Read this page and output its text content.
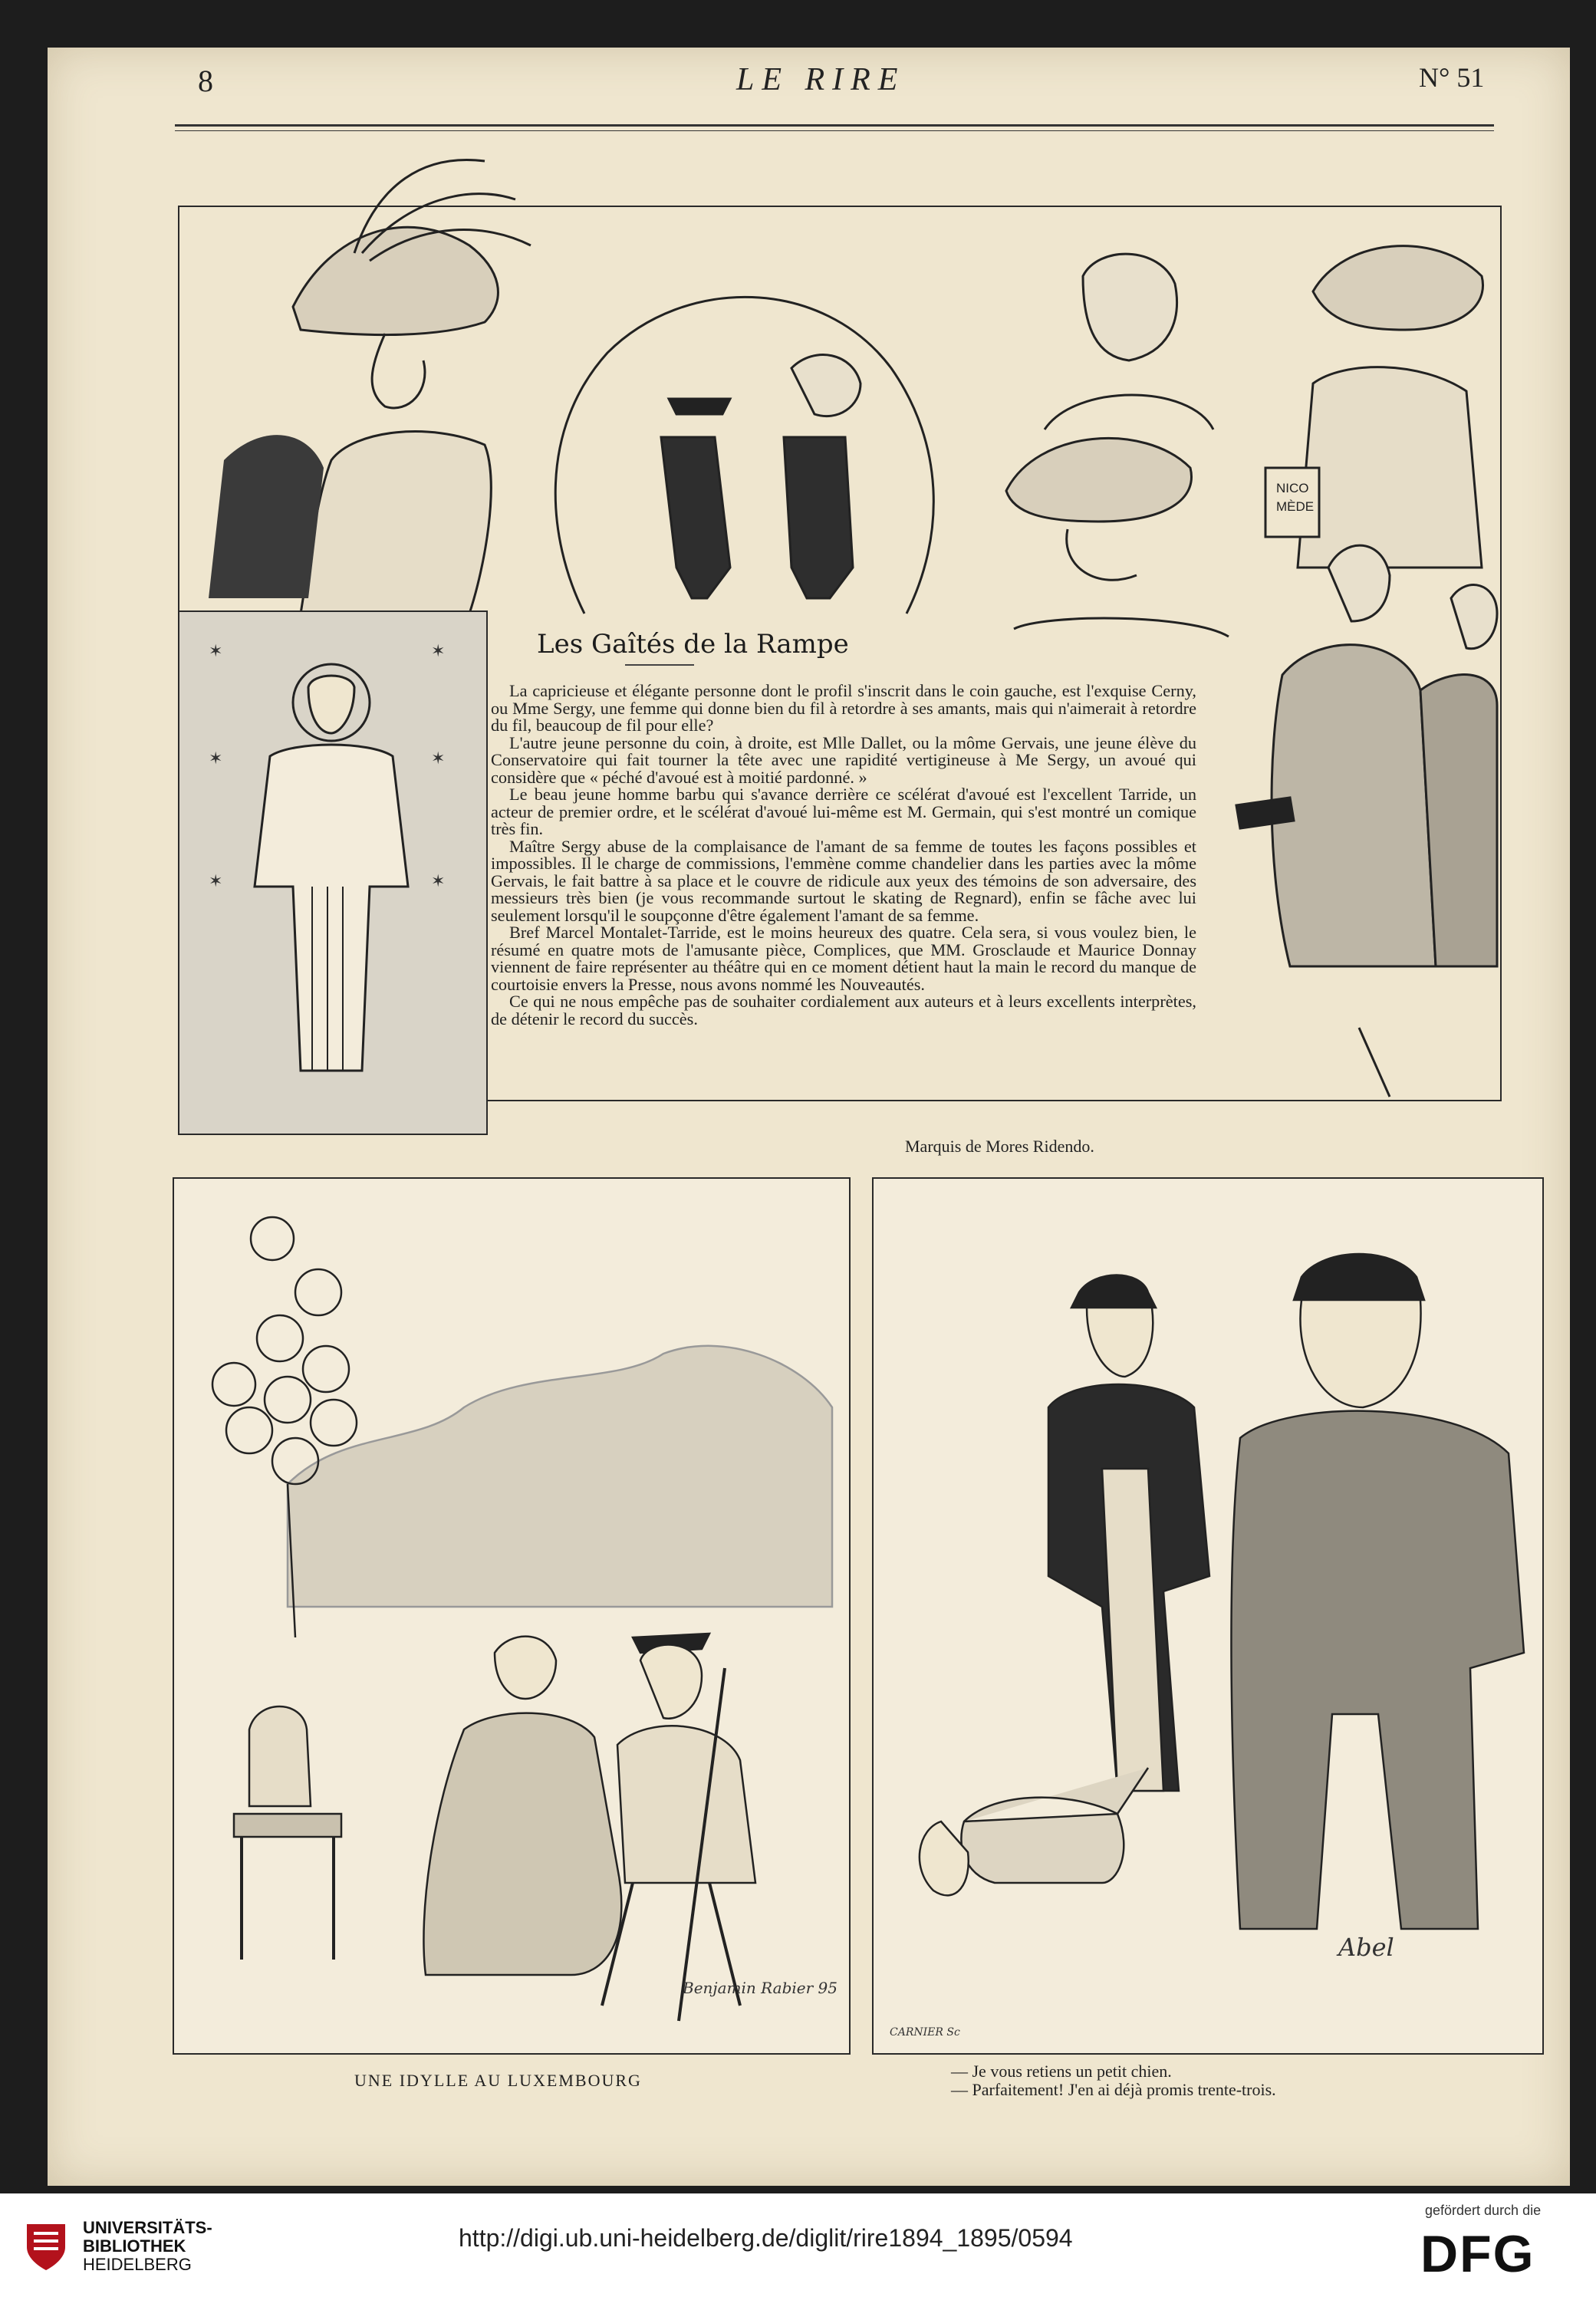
8	LE RIRE	N° 51
NICO
MÈDE
✶	✶
✶	✶
✶	✶
Les Gaîtés de la Rampe

La capricieuse et élégante personne dont le profil s'inscrit dans le coin gauche, est l'exquise Cerny, ou Mme Sergy, une femme qui donne bien du fil à retordre à ses amants, mais qui n'aimerait à retordre du fil, beaucoup de fil pour elle?

L'autre jeune personne du coin, à droite, est Mlle Dallet, ou la môme Gervais, une jeune élève du Conservatoire qui fait tourner la tête avec une rapidité vertigineuse à Me Sergy, un avoué qui considère que « péché d'avoué est à moitié pardonné. »

Le beau jeune homme barbu qui s'avance derrière ce scélérat d'avoué est l'excellent Tarride, un acteur de premier ordre, et le scélérat d'avoué lui-même est M. Germain, qui s'est montré un comique très fin.

Maître Sergy abuse de la complaisance de l'amant de sa femme de toutes les façons possibles et impossibles. Il le charge de commissions, l'emmène comme chandelier dans les parties avec la môme Gervais, le fait battre à sa place et le couvre de ridicule aux yeux des témoins de son adversaire, des messieurs très bien (je vous recommande surtout le skating de Regnard), enfin se fâche avec lui seulement lorsqu'il le soupçonne d'être également l'amant de sa femme.

Bref Marcel Montalet-Tarride, est le moins heureux des quatre. Cela sera, si vous voulez bien, le résumé en quatre mots de l'amusante pièce, Complices, que MM. Grosclaude et Maurice Donnay viennent de faire représenter au théâtre qui en ce moment détient haut la main le record du manque de courtoisie envers la Presse, nous avons nommé les Nouveautés.

Ce qui ne nous empêche pas de souhaiter cordialement aux auteurs et à leurs excellents interprètes, de détenir le record du succès.

Marquis de Mores Ridendo.
Benjamin Rabier 95
UNE IDYLLE AU LUXEMBOURG
Abel
CARNIER Sc
— Je vous retiens un petit chien.
— Parfaitement! J'en ai déjà promis trente-trois.
UNIVERSITÄTS-
BIBLIOTHEK
HEIDELBERG
http://digi.ub.uni-heidelberg.de/diglit/rire1894_1895/0594
gefördert durch die
DFG
